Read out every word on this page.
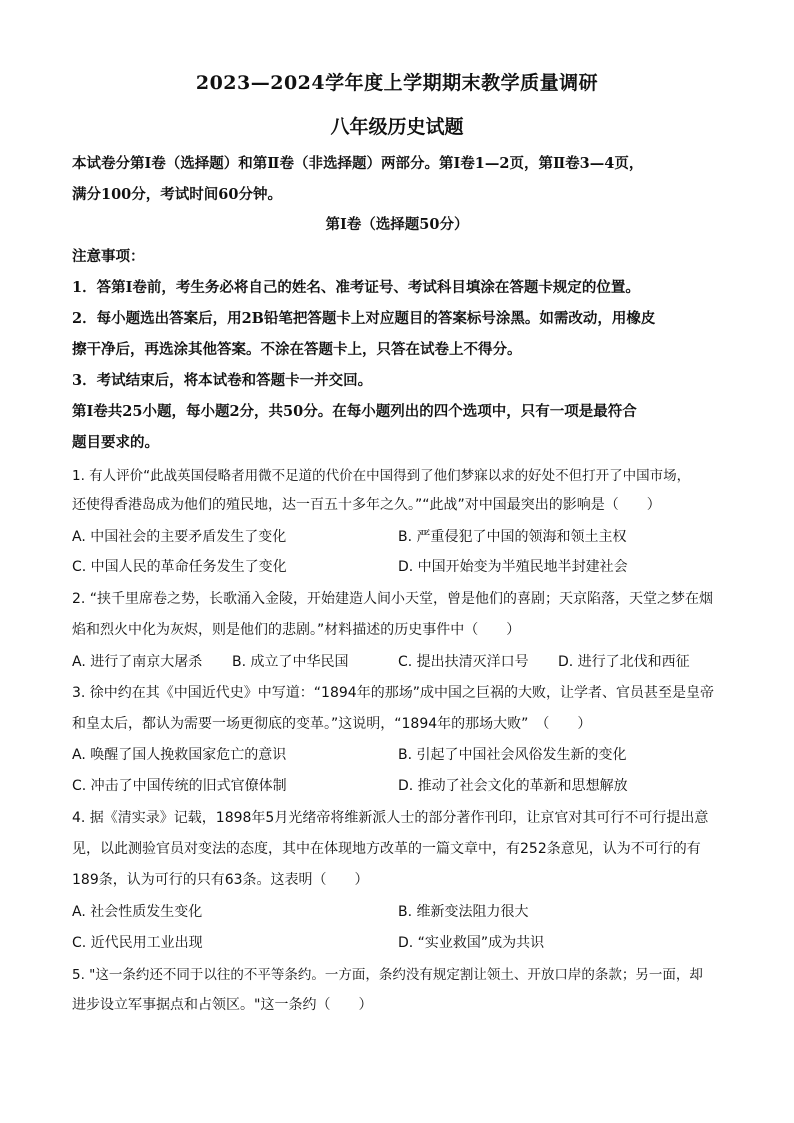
2023—2024学年度上学期期末教学质量调研
八年级历史试题
本试卷分第Ⅰ卷（选择题）和第Ⅱ卷（非选择题）两部分。第Ⅰ卷1—2页，第Ⅱ卷3—4页，
满分100分，考试时间60分钟。
第Ⅰ卷（选择题50分）
注意事项：
1．答第Ⅰ卷前，考生务必将自己的姓名、准考证号、考试科目填涂在答题卡规定的位置。
2．每小题选出答案后，用2B铅笔把答题卡上对应题目的答案标号涂黑。如需改动，用橡皮
擦干净后，再选涂其他答案。不涂在答题卡上，只答在试卷上不得分。
3．考试结束后，将本试卷和答题卡一并交回。
第Ⅰ卷共25小题，每小题2分，共50分。在每小题列出的四个选项中，只有一项是最符合
题目要求的。
1. 有人评价“此战英国侵略者用微不足道的代价在中国得到了他们梦寐以求的好处不但打开了中国市场，
还使得香港岛成为他们的殖民地，达一百五十多年之久。”“此战”对中国最突出的影响是（　　）
A. 中国社会的主要矛盾发生了变化	B. 严重侵犯了中国的领海和领土主权
C. 中国人民的革命任务发生了变化	D. 中国开始变为半殖民地半封建社会
2. “挟千里席卷之势，长歌涌入金陵，开始建造人间小天堂，曾是他们的喜剧；天京陷落，天堂之梦在烟
焰和烈火中化为灰烬，则是他们的悲剧。”材料描述的历史事件中（　　）
A. 进行了南京大屠杀 B. 成立了中华民国	C. 提出扶清灭洋口号 D. 进行了北伐和西征
3. 徐中约在其《中国近代史》中写道：“1894年的那场”成中国之巨祸的大败，让学者、官员甚至是皇帝
和皇太后，都认为需要一场更彻底的变革。”这说明，“1894年的那场大败”　（　　）
A. 唤醒了国人挽救国家危亡的意识	B. 引起了中国社会风俗发生新的变化
C. 冲击了中国传统的旧式官僚体制	D. 推动了社会文化的革新和思想解放
4. 据《清实录》记载，1898年5月光绪帝将维新派人士的部分著作刊印，让京官对其可行不可行提出意
见，以此测验官员对变法的态度，其中在体现地方改革的一篇文章中，有252条意见，认为不可行的有
189条，认为可行的只有63条。这表明（　　）
A. 社会性质发生变化	B. 维新变法阻力很大
C. 近代民用工业出现	D. “实业救国”成为共识
5. "这一条约还不同于以往的不平等条约。一方面，条约没有规定割让领土、开放口岸的条款；另一面，却
进步设立军事据点和占领区。"这一条约（　　）
